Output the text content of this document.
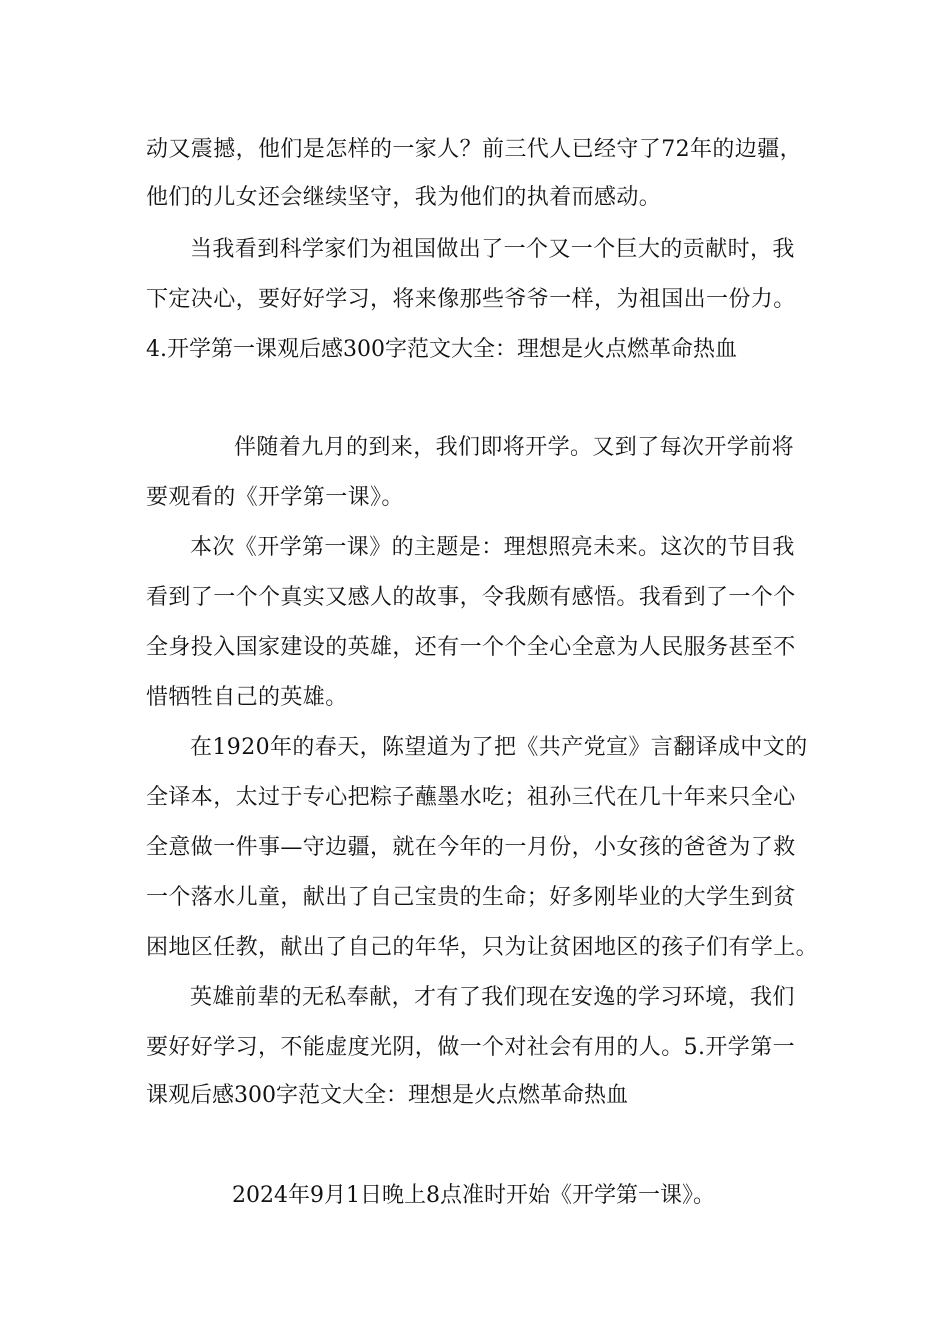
动又震撼，他们是怎样的一家人？前三代人已经守了72年的边疆，
他们的儿女还会继续坚守，我为他们的执着而感动。
当我看到科学家们为祖国做出了一个又一个巨大的贡献时，我
下定决心，要好好学习，将来像那些爷爷一样，为祖国出一份力。
4.开学第一课观后感300字范文大全：理想是火点燃革命热血
伴随着九月的到来，我们即将开学。又到了每次开学前将
要观看的《开学第一课》。
本次《开学第一课》的主题是：理想照亮未来。这次的节目我
看到了一个个真实又感人的故事，令我颇有感悟。我看到了一个个
全身投入国家建设的英雄，还有一个个全心全意为人民服务甚至不
惜牺牲自己的英雄。
在1920年的春天，陈望道为了把《共产党宣》言翻译成中文的
全译本，太过于专心把粽子蘸墨水吃；祖孙三代在几十年来只全心
全意做一件事—守边疆，就在今年的一月份，小女孩的爸爸为了救
一个落水儿童，献出了自己宝贵的生命；好多刚毕业的大学生到贫
困地区任教，献出了自己的年华，只为让贫困地区的孩子们有学上。
英雄前辈的无私奉献，才有了我们现在安逸的学习环境，我们
要好好学习，不能虚度光阴，做一个对社会有用的人。5.开学第一
课观后感300字范文大全：理想是火点燃革命热血
2024年9月1日晚上8点准时开始《开学第一课》。
